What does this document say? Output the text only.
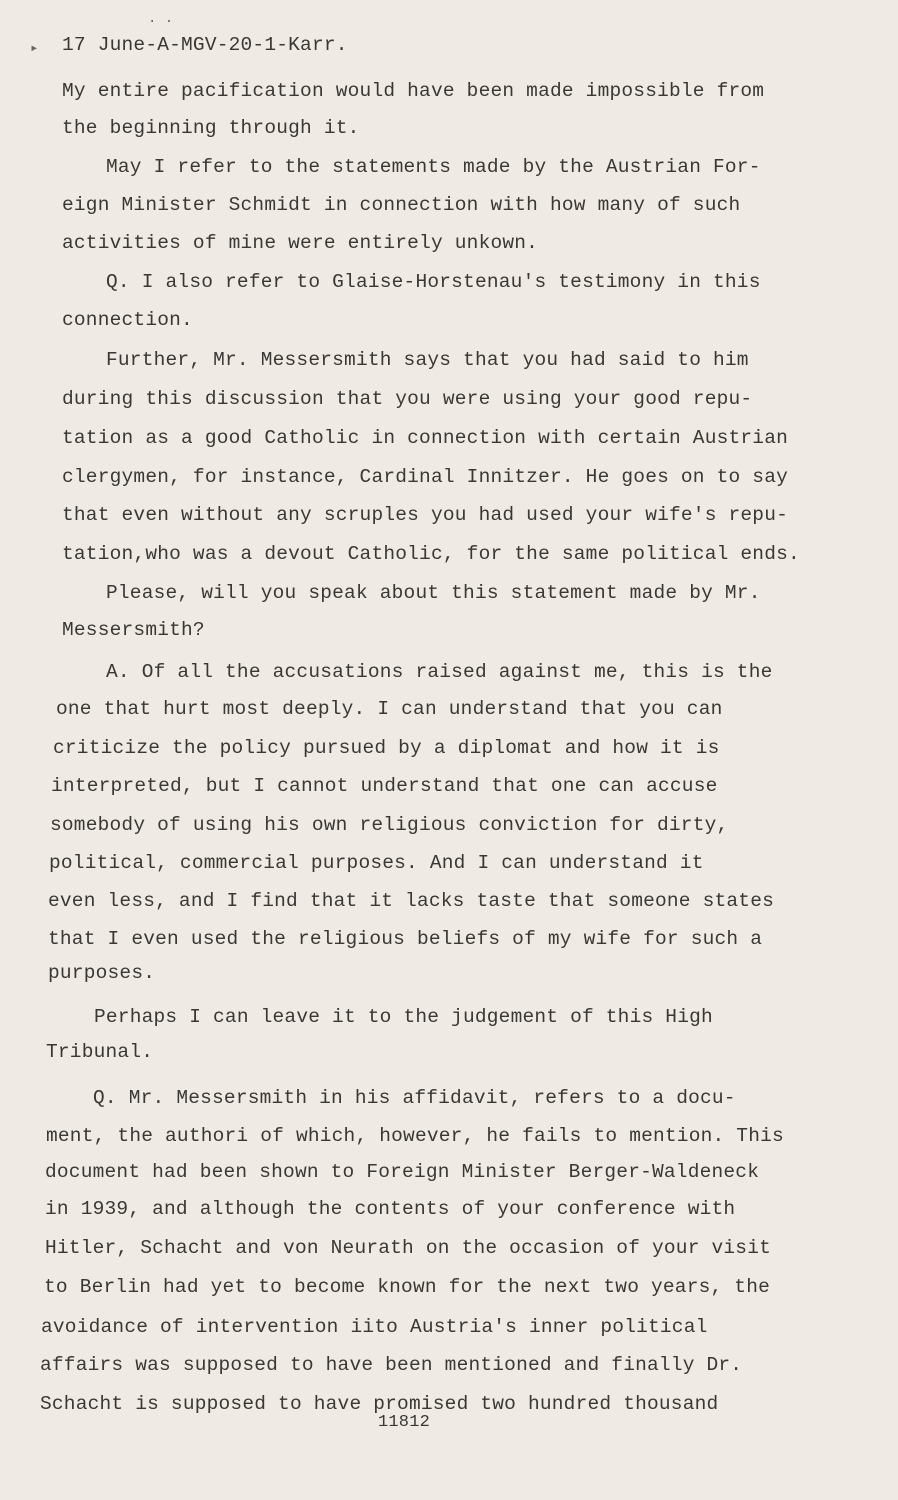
· ·
▸ 17 June-A-MGV-20-1-Karr.
My entire pacification would have been made impossible from
the beginning through it.
May I refer to the statements made by the Austrian For-
eign Minister Schmidt in connection with how many of such
activities of mine were entirely unkown.
Q. I also refer to Glaise-Horstenau's testimony in this
connection.
Further, Mr. Messersmith says that you had said to him
during this discussion that you were using your good repu-
tation as a good Catholic in connection with certain Austrian
clergymen, for instance, Cardinal Innitzer. He goes on to say
that even without any scruples you had used your wife's repu-
tation,who was a devout Catholic, for the same political ends.
Please, will you speak about this statement made by Mr.
Messersmith?
A. Of all the accusations raised against me, this is the
one that hurt most deeply. I can understand that you can
criticize the policy pursued by a diplomat and how it is
interpreted, but I cannot understand that one can accuse
somebody of using his own religious conviction for dirty,
political, commercial purposes. And I can understand it
even less, and I find that it lacks taste that someone states
that I even used the religious beliefs of my wife for such a
purposes.
Perhaps I can leave it to the judgement of this High
Tribunal.
Q. Mr. Messersmith in his affidavit, refers to a docu-
ment, the authori of which, however, he fails to mention. This
document had been shown to Foreign Minister Berger-Waldeneck
in 1939, and although the contents of your conference with
Hitler, Schacht and von Neurath on the occasion of your visit
to Berlin had yet to become known for the next two years, the
avoidance of intervention iito Austria's inner political
affairs was supposed to have been mentioned and finally Dr.
Schacht is supposed to have promised two hundred thousand
11812
